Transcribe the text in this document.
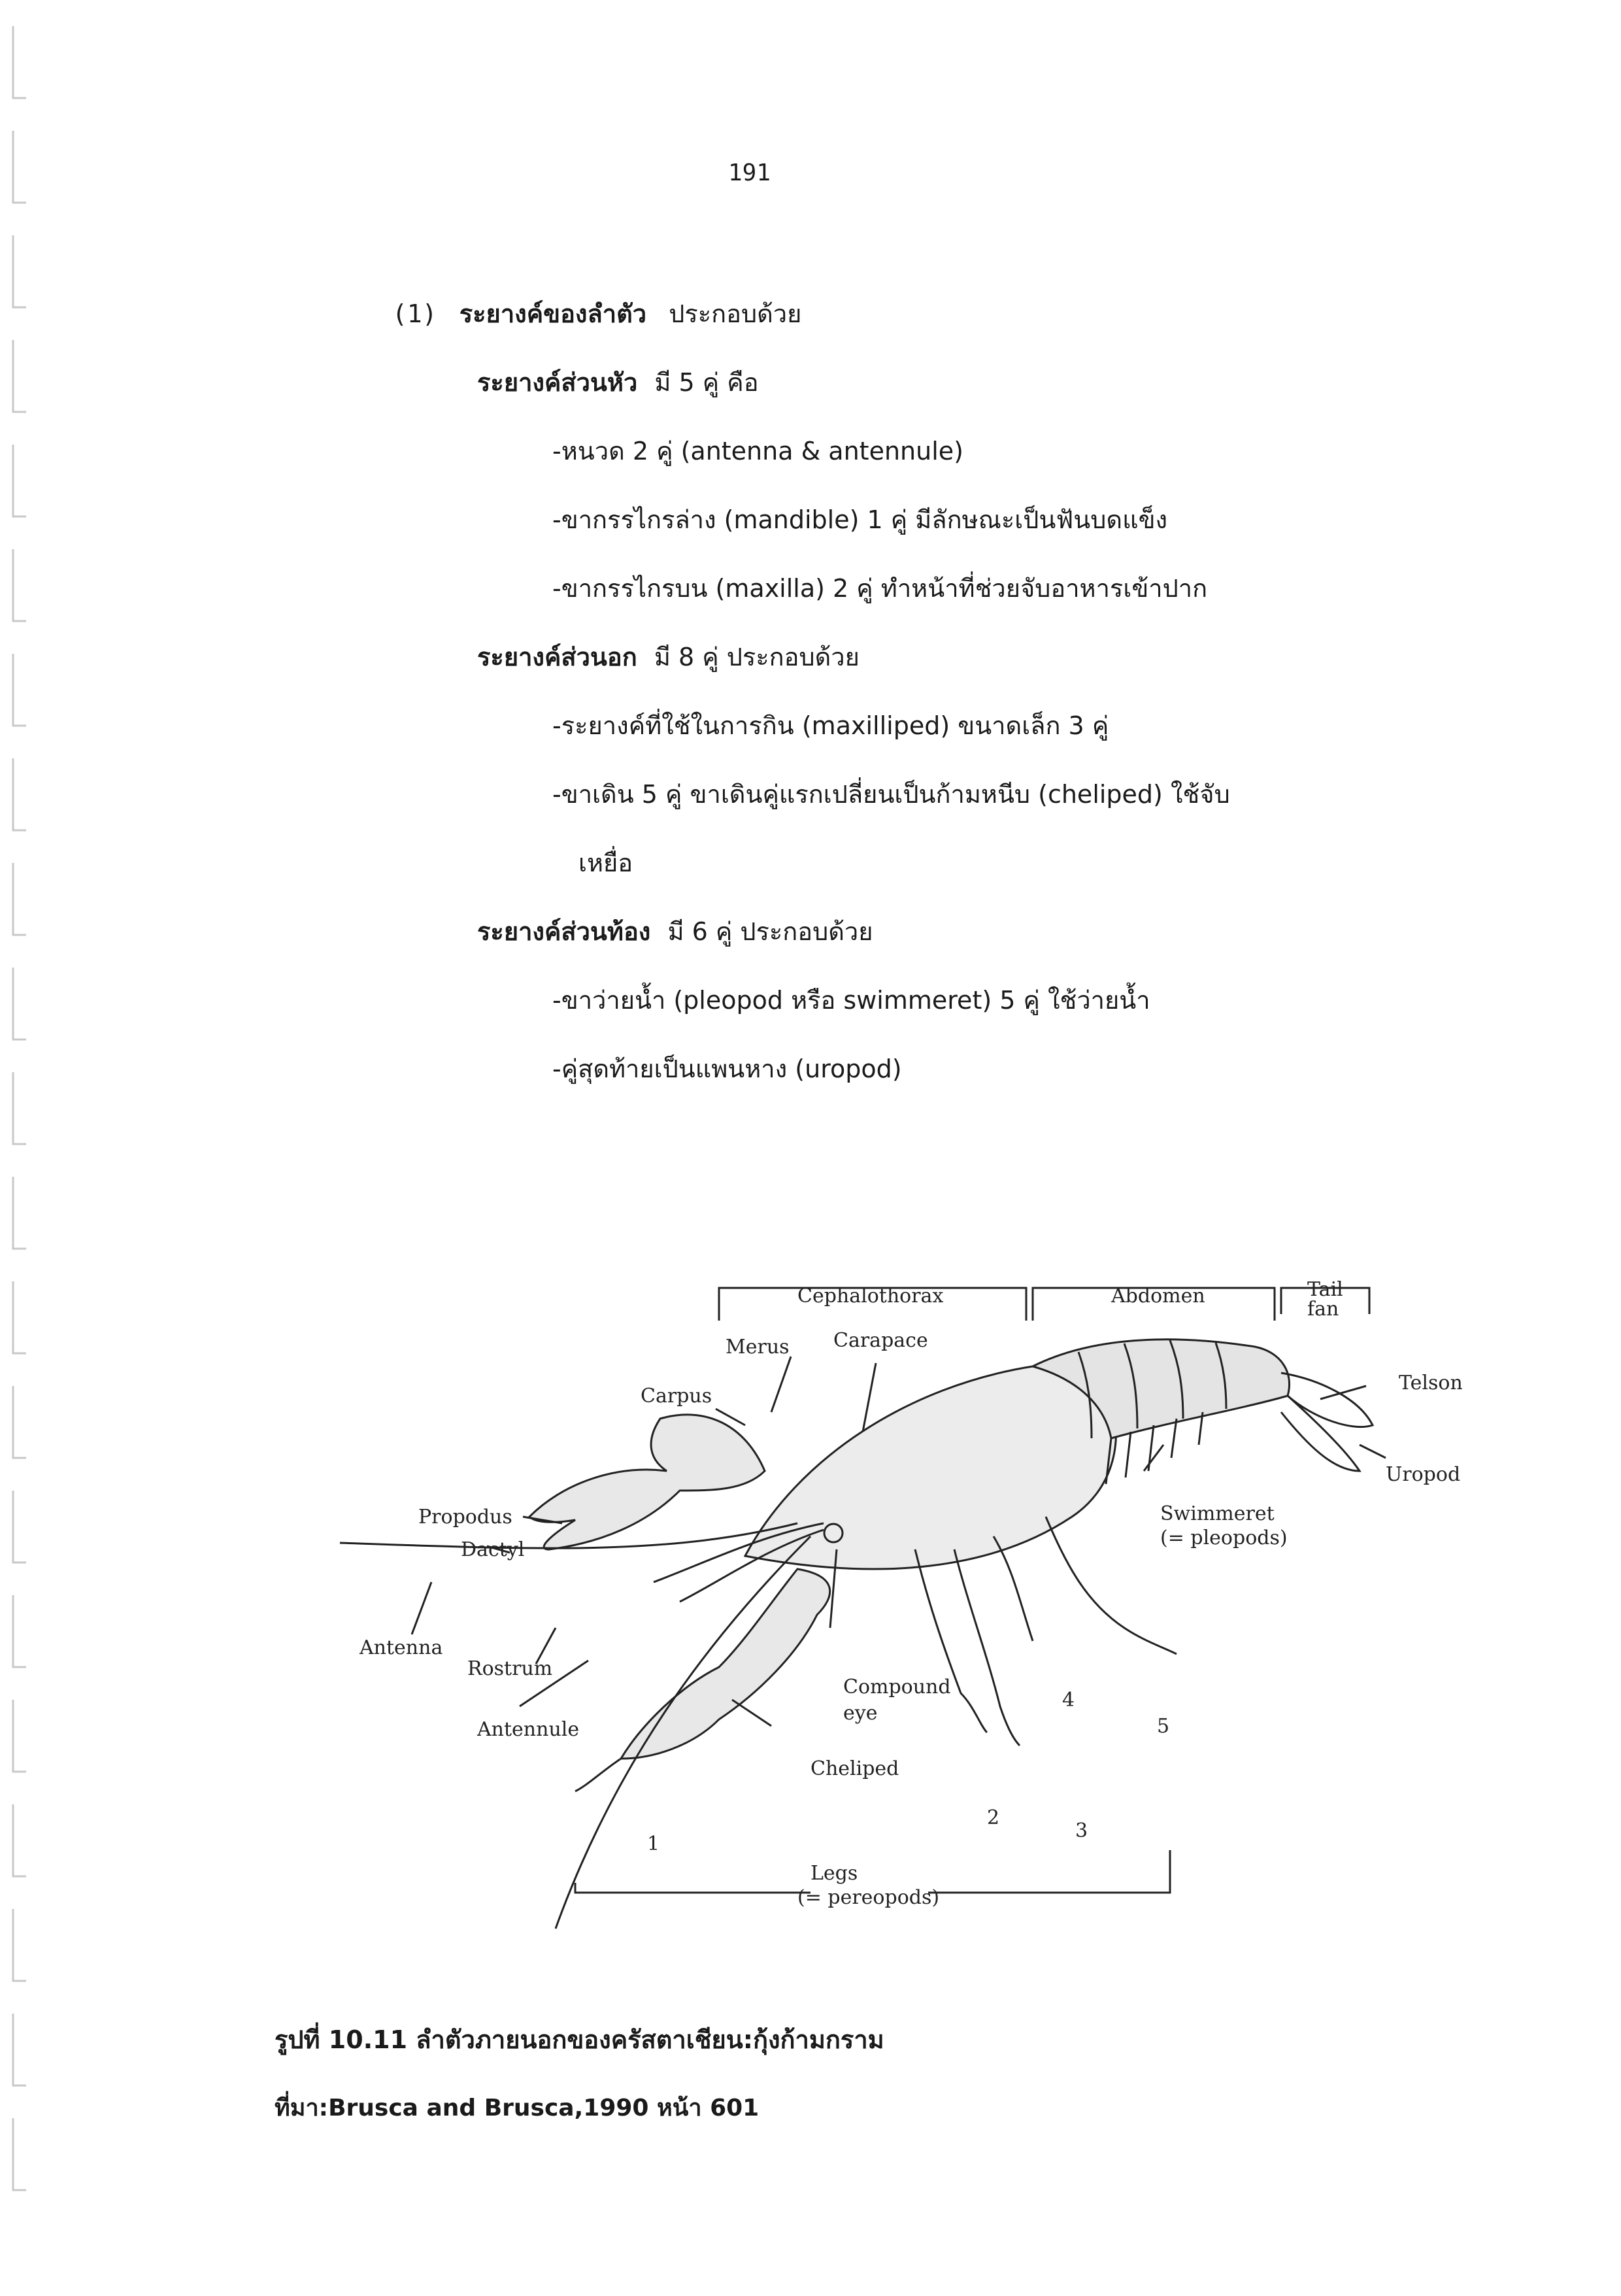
191
(1) ระยางค์ของลำตัว ประกอบด้วย
ระยางค์ส่วนหัว มี 5 คู่ คือ
-หนวด 2 คู่ (antenna & antennule)
-ขากรรไกรล่าง (mandible) 1 คู่ มีลักษณะเป็นฟันบดแข็ง
-ขากรรไกรบน (maxilla) 2 คู่ ทำหน้าที่ช่วยจับอาหารเข้าปาก
ระยางค์ส่วนอก มี 8 คู่ ประกอบด้วย
-ระยางค์ที่ใช้ในการกิน (maxilliped) ขนาดเล็ก 3 คู่
-ขาเดิน 5 คู่ ขาเดินคู่แรกเปลี่ยนเป็นก้ามหนีบ (cheliped) ใช้จับ
เหยื่อ
ระยางค์ส่วนท้อง มี 6 คู่ ประกอบด้วย
-ขาว่ายน้ำ (pleopod หรือ swimmeret) 5 คู่ ใช้ว่ายน้ำ
-คู่สุดท้ายเป็นแพนหาง (uropod)
Cephalothorax	Abdomen	Tail
fan
Telson
Uropod
Merus Carapace
Carpus
Propodus
Dactyl
Antenna
Rostrum
Antennule
Swimmeret
(= pleopods)
Compound
eye
Cheliped
Legs
(= pereopods)
1
2
3
4
5
รูปที่ 10.11 ลำตัวภายนอกของครัสตาเชียน:กุ้งก้ามกราม
ที่มา:Brusca and Brusca,1990 หน้า 601
